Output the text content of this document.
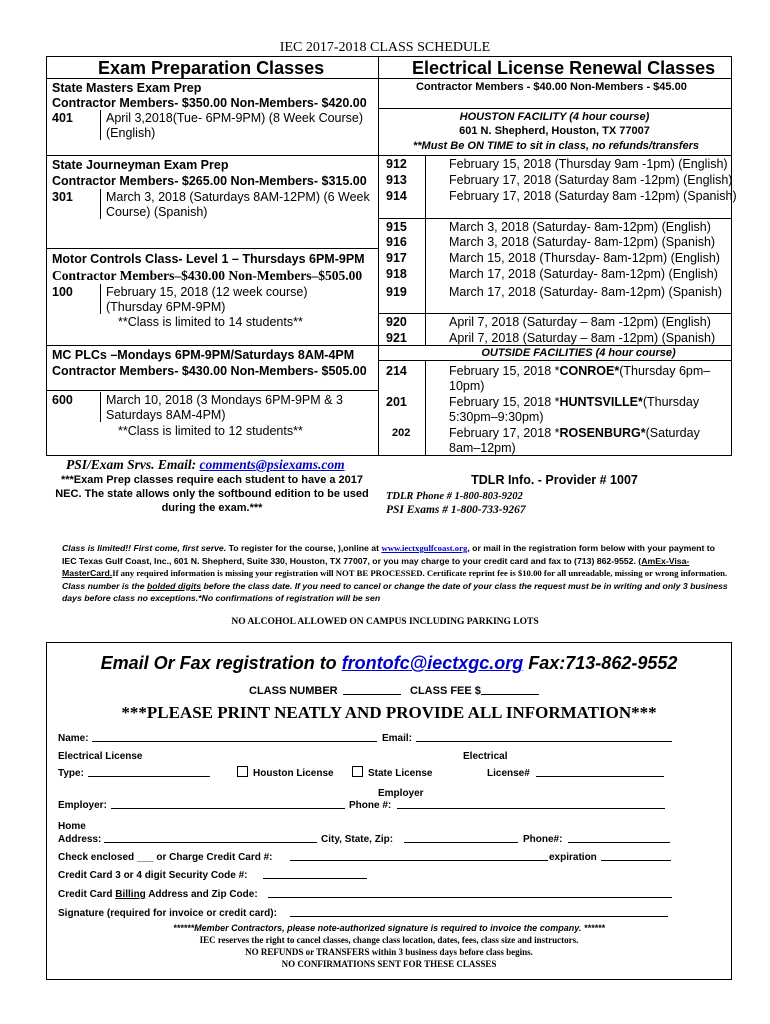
IEC 2017-2018 CLASS SCHEDULE
Exam Preparation Classes
State Masters Exam Prep
Contractor Members- $350.00 Non-Members- $420.00
401	April 3,2018(Tue- 6PM-9PM) (8 Week Course) (English)
State Journeyman Exam Prep
Contractor Members- $265.00 Non-Members- $315.00
301	March 3, 2018 (Saturdays 8AM-12PM) (6 Week Course) (Spanish)
Motor Controls Class- Level 1 – Thursdays 6PM-9PM
Contractor Members–$430.00 Non-Members–$505.00
100	February 15, 2018 (12 week course) (Thursday 6PM-9PM)
**Class is limited to 14 students**
MC PLCs –Mondays 6PM-9PM/Saturdays 8AM-4PM
Contractor Members- $430.00 Non-Members- $505.00
600	March 10, 2018 (3 Mondays 6PM-9PM & 3 Saturdays 8AM-4PM)
**Class is limited to 12 students**
PSI/Exam Srvs. Email: comments@psiexams.com
***Exam Prep classes require each student to have a 2017 NEC. The state allows only the softbound edition to be used during the exam.***
Electrical License Renewal Classes
Contractor Members - $40.00 Non-Members - $45.00
HOUSTON FACILITY (4 hour course)
601 N. Shepherd, Houston, TX 77007
**Must Be ON TIME to sit in class, no refunds/transfers
912	February 15, 2018 (Thursday 9am -1pm) (English)
913	February 17, 2018 (Saturday 8am -12pm) (English)
914	February 17, 2018 (Saturday 8am -12pm) (Spanish)
915	March 3, 2018 (Saturday- 8am-12pm) (English)
916	March 3, 2018 (Saturday- 8am-12pm) (Spanish)
917	March 15, 2018 (Thursday- 8am-12pm) (English)
918	March 17, 2018 (Saturday- 8am-12pm) (English)
919	March 17, 2018 (Saturday- 8am-12pm) (Spanish)
920	April 7, 2018 (Saturday – 8am -12pm) (English)
921	April 7, 2018 (Saturday – 8am -12pm) (Spanish)
OUTSIDE FACILITIES (4 hour course)
214	February 15, 2018 *CONROE*(Thursday 6pm–10pm)
201	February 15, 2018 *HUNTSVILLE*(Thursday 5:30pm–9:30pm)
202	February 17, 2018 *ROSENBURG*(Saturday 8am–12pm)
TDLR Info. - Provider # 1007
TDLR Phone # 1-800-803-9202
PSI Exams # 1-800-733-9267
Class is limited!! First come, first serve. To register for the course, ),online at www.iectxgulfcoast.org, or mail in the registration form below with your payment to IEC Texas Gulf Coast, Inc., 601 N. Shepherd, Suite 330, Houston, TX 77007, or you may charge to your credit card and fax to (713) 862-9552. (AmEx-Visa-MasterCard.If any required information is missing your registration will NOT BE PROCESSED. Certificate reprint fee is $10.00 for all unreadable, missing or wrong information. Class number is the bolded digits before the class date. If you need to cancel or change the date of your class the request must be in writing and only 3 business days before class no exceptions.*No confirmations of registration will be sen
NO ALCOHOL ALLOWED ON CAMPUS INCLUDING PARKING LOTS
Email Or Fax registration to frontofc@iectxgc.org Fax:713-862-9552
CLASS NUMBER	CLASS FEE $
***PLEASE PRINT NEATLY AND PROVIDE ALL INFORMATION***
Name:	Email:
Electrical License	Electrical
Type:	Houston License	State License	License#
Employer
Employer:	Phone #:
Home
Address:	City, State, Zip:	Phone#:
Check enclosed ___ or Charge Credit Card #:	expiration
Credit Card 3 or 4 digit Security Code #:
Credit Card Billing Address and Zip Code:
Signature (required for invoice or credit card):
******Member Contractors, please note-authorized signature is required to invoice the company. ******
IEC reserves the right to cancel classes, change class location, dates, fees, class size and instructors.
NO REFUNDS or TRANSFERS within 3 business days before class begins.
NO CONFIRMATIONS SENT FOR THESE CLASSES
